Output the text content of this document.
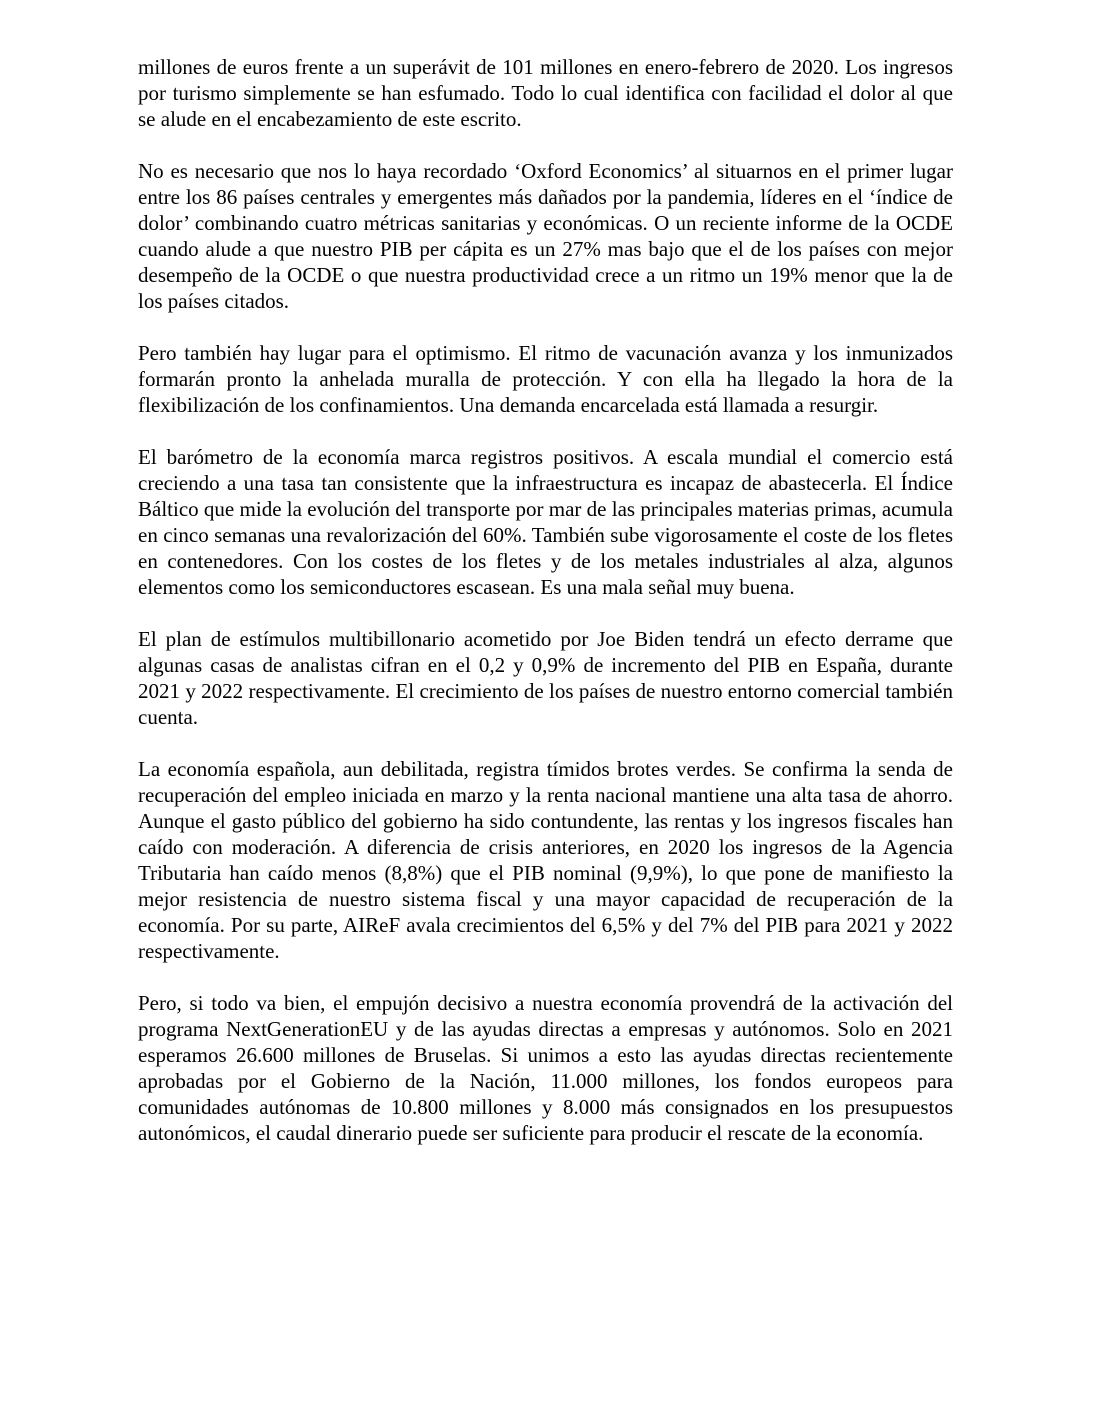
millones de euros frente a un superávit de 101 millones en enero-febrero de 2020. Los ingresos por turismo simplemente se han esfumado. Todo lo cual identifica con facilidad el dolor al que se alude en el encabezamiento de este escrito.

No es necesario que nos lo haya recordado ‘Oxford Economics’ al situarnos en el primer lugar entre los 86 países centrales y emergentes más dañados por la pandemia, líderes en el ‘índice de dolor’ combinando cuatro métricas sanitarias y económicas. O un reciente informe de la OCDE cuando alude a que nuestro PIB per cápita es un 27% mas bajo que el de los países con mejor desempeño de la OCDE o que nuestra productividad crece a un ritmo un 19% menor que la de los países citados.

Pero también hay lugar para el optimismo. El ritmo de vacunación avanza y los inmunizados formarán pronto la anhelada muralla de protección. Y con ella ha llegado la hora de la flexibilización de los confinamientos. Una demanda encarcelada está llamada a resurgir.

El barómetro de la economía marca registros positivos. A escala mundial el comercio está creciendo a una tasa tan consistente que la infraestructura es incapaz de abastecerla. El Índice Báltico que mide la evolución del transporte por mar de las principales materias primas, acumula en cinco semanas una revalorización del 60%. También sube vigorosamente el coste de los fletes en contenedores. Con los costes de los fletes y de los metales industriales al alza, algunos elementos como los semiconductores escasean. Es una mala señal muy buena.

El plan de estímulos multibillonario acometido por Joe Biden tendrá un efecto derrame que algunas casas de analistas cifran en el 0,2 y 0,9% de incremento del PIB en España, durante 2021 y 2022 respectivamente. El crecimiento de los países de nuestro entorno comercial también cuenta.

La economía española, aun debilitada, registra tímidos brotes verdes. Se confirma la senda de recuperación del empleo iniciada en marzo y la renta nacional mantiene una alta tasa de ahorro. Aunque el gasto público del gobierno ha sido contundente, las rentas y los ingresos fiscales han caído con moderación. A diferencia de crisis anteriores, en 2020 los ingresos de la Agencia Tributaria han caído menos (8,8%) que el PIB nominal (9,9%), lo que pone de manifiesto la mejor resistencia de nuestro sistema fiscal y una mayor capacidad de recuperación de la economía. Por su parte, AIReF avala crecimientos del 6,5% y del 7% del PIB para 2021 y 2022 respectivamente.

Pero, si todo va bien, el empujón decisivo a nuestra economía provendrá de la activación del programa NextGenerationEU y de las ayudas directas a empresas y autónomos. Solo en 2021 esperamos 26.600 millones de Bruselas. Si unimos a esto las ayudas directas recientemente aprobadas por el Gobierno de la Nación, 11.000 millones, los fondos europeos para comunidades autónomas de 10.800 millones y 8.000 más consignados en los presupuestos autonómicos, el caudal dinerario puede ser suficiente para producir el rescate de la economía.
